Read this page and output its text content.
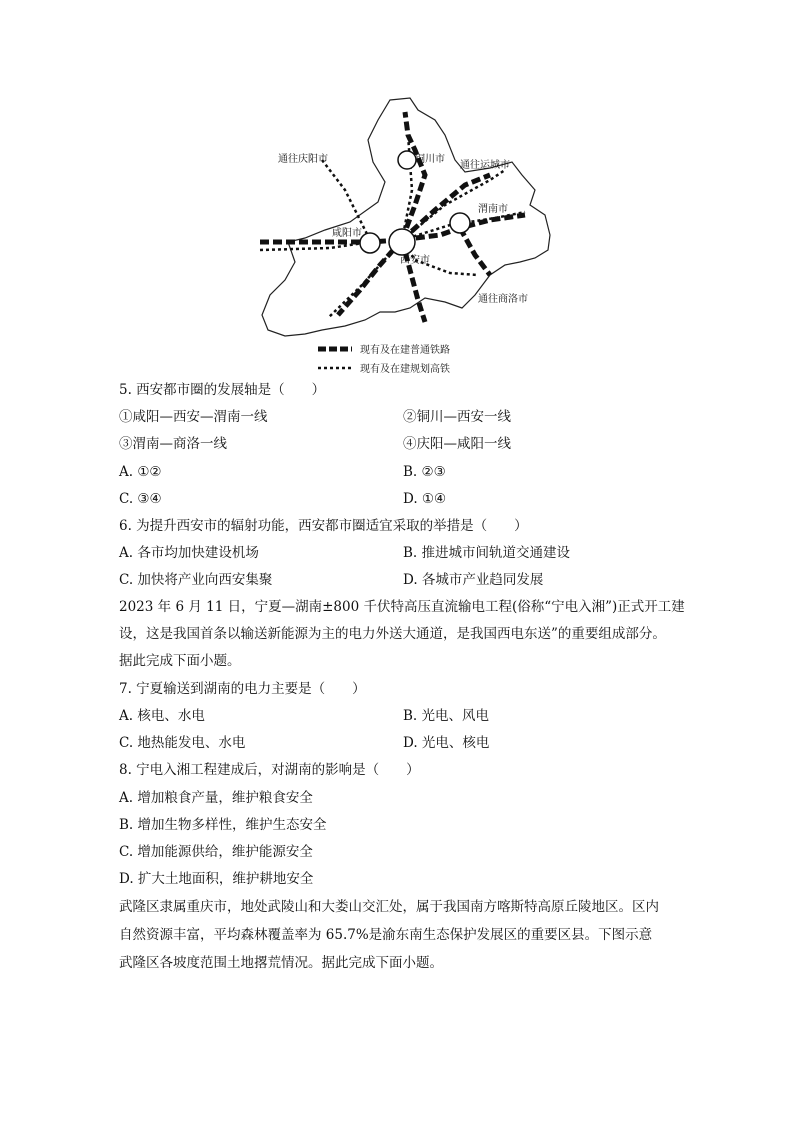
铜川市
通往庆阳市
通往运城市
渭南市
咸阳市
西安市
通往商洛市
现有及在建普通铁路
现有及在建规划高铁
5. 西安都市圈的发展轴是（　　）
①咸阳—西安—渭南一线	②铜川—西安一线
③渭南—商洛一线	④庆阳—咸阳一线
A. ①②	B. ②③
C. ③④	D. ①④
6. 为提升西安市的辐射功能，西安都市圈适宜采取的举措是（　　）
A. 各市均加快建设机场	B. 推进城市间轨道交通建设
C. 加快将产业向西安集聚	D. 各城市产业趋同发展
2023 年 6 月 11 日，宁夏—湖南±800 千伏特高压直流输电工程(俗称“宁电入湘”)正式开工建
设，这是我国首条以输送新能源为主的电力外送大通道，是我国西电东送”的重要组成部分。
据此完成下面小题。
7. 宁夏输送到湖南的电力主要是（　　）
A. 核电、水电	B. 光电、风电
C. 地热能发电、水电	D. 光电、核电
8. 宁电入湘工程建成后，对湖南的影响是（　　）
A. 增加粮食产量，维护粮食安全
B. 增加生物多样性，维护生态安全
C. 增加能源供给，维护能源安全
D. 扩大土地面积，维护耕地安全
武隆区隶属重庆市，地处武陵山和大娄山交汇处，属于我国南方喀斯特高原丘陵地区。区内
自然资源丰富，平均森林覆盖率为 65.7%是渝东南生态保护发展区的重要区县。下图示意
武隆区各坡度范围土地撂荒情况。据此完成下面小题。
